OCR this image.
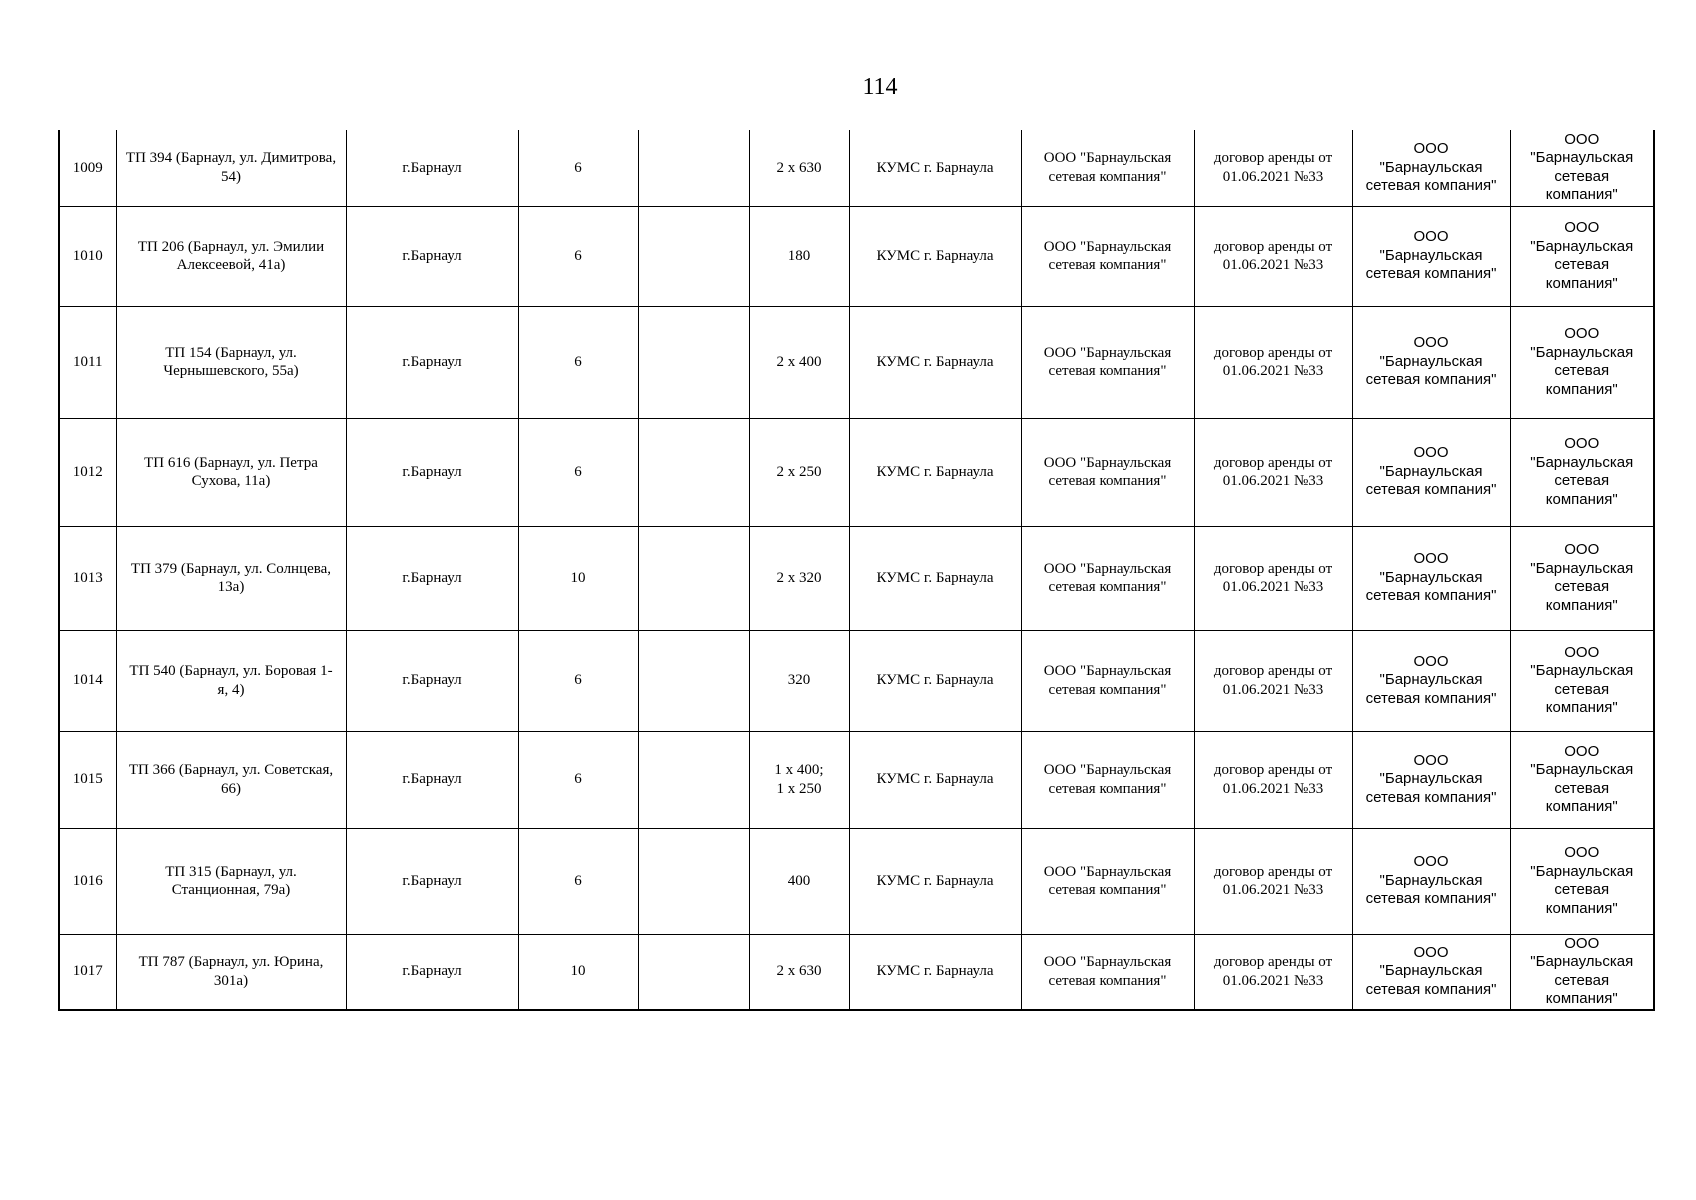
114
1009	ТП 394 (Барнаул, ул. Димитрова, 54)	г.Барнаул	6		2 х 630	КУМС г. Барнаула	ООО "Барнаульская сетевая компания"	договор аренды от 01.06.2021 №33	ООО
"Барнаульская
сетевая компания"	ООО
"Барнаульская
сетевая
компания"
1010	ТП 206 (Барнаул, ул. Эмилии Алексеевой, 41а)	г.Барнаул	6		180	КУМС г. Барнаула	ООО "Барнаульская сетевая компания"	договор аренды от 01.06.2021 №33	ООО
"Барнаульская
сетевая компания"	ООО
"Барнаульская
сетевая
компания"
1011	ТП 154 (Барнаул, ул. Чернышевского, 55а)	г.Барнаул	6		2 х 400	КУМС г. Барнаула	ООО "Барнаульская сетевая компания"	договор аренды от 01.06.2021 №33	ООО
"Барнаульская
сетевая компания"	ООО
"Барнаульская
сетевая
компания"
1012	ТП 616 (Барнаул, ул. Петра Сухова, 11а)	г.Барнаул	6		2 х 250	КУМС г. Барнаула	ООО "Барнаульская сетевая компания"	договор аренды от 01.06.2021 №33	ООО
"Барнаульская
сетевая компания"	ООО
"Барнаульская
сетевая
компания"
1013	ТП 379 (Барнаул, ул. Солнцева, 13а)	г.Барнаул	10		2 х 320	КУМС г. Барнаула	ООО "Барнаульская сетевая компания"	договор аренды от 01.06.2021 №33	ООО
"Барнаульская
сетевая компания"	ООО
"Барнаульская
сетевая
компания"
1014	ТП 540 (Барнаул, ул. Боровая 1-я, 4)	г.Барнаул	6		320	КУМС г. Барнаула	ООО "Барнаульская сетевая компания"	договор аренды от 01.06.2021 №33	ООО
"Барнаульская
сетевая компания"	ООО
"Барнаульская
сетевая
компания"
1015	ТП 366 (Барнаул, ул. Советская, 66)	г.Барнаул	6		1 х 400;
1 х 250	КУМС г. Барнаула	ООО "Барнаульская сетевая компания"	договор аренды от 01.06.2021 №33	ООО
"Барнаульская
сетевая компания"	ООО
"Барнаульская
сетевая
компания"
1016	ТП 315 (Барнаул, ул. Станционная, 79а)	г.Барнаул	6		400	КУМС г. Барнаула	ООО "Барнаульская сетевая компания"	договор аренды от 01.06.2021 №33	ООО
"Барнаульская
сетевая компания"	ООО
"Барнаульская
сетевая
компания"
1017	ТП 787 (Барнаул, ул. Юрина, 301а)	г.Барнаул	10		2 х 630	КУМС г. Барнаула	ООО "Барнаульская сетевая компания"	договор аренды от 01.06.2021 №33	ООО
"Барнаульская
сетевая компания"	ООО
"Барнаульская
сетевая
компания"
